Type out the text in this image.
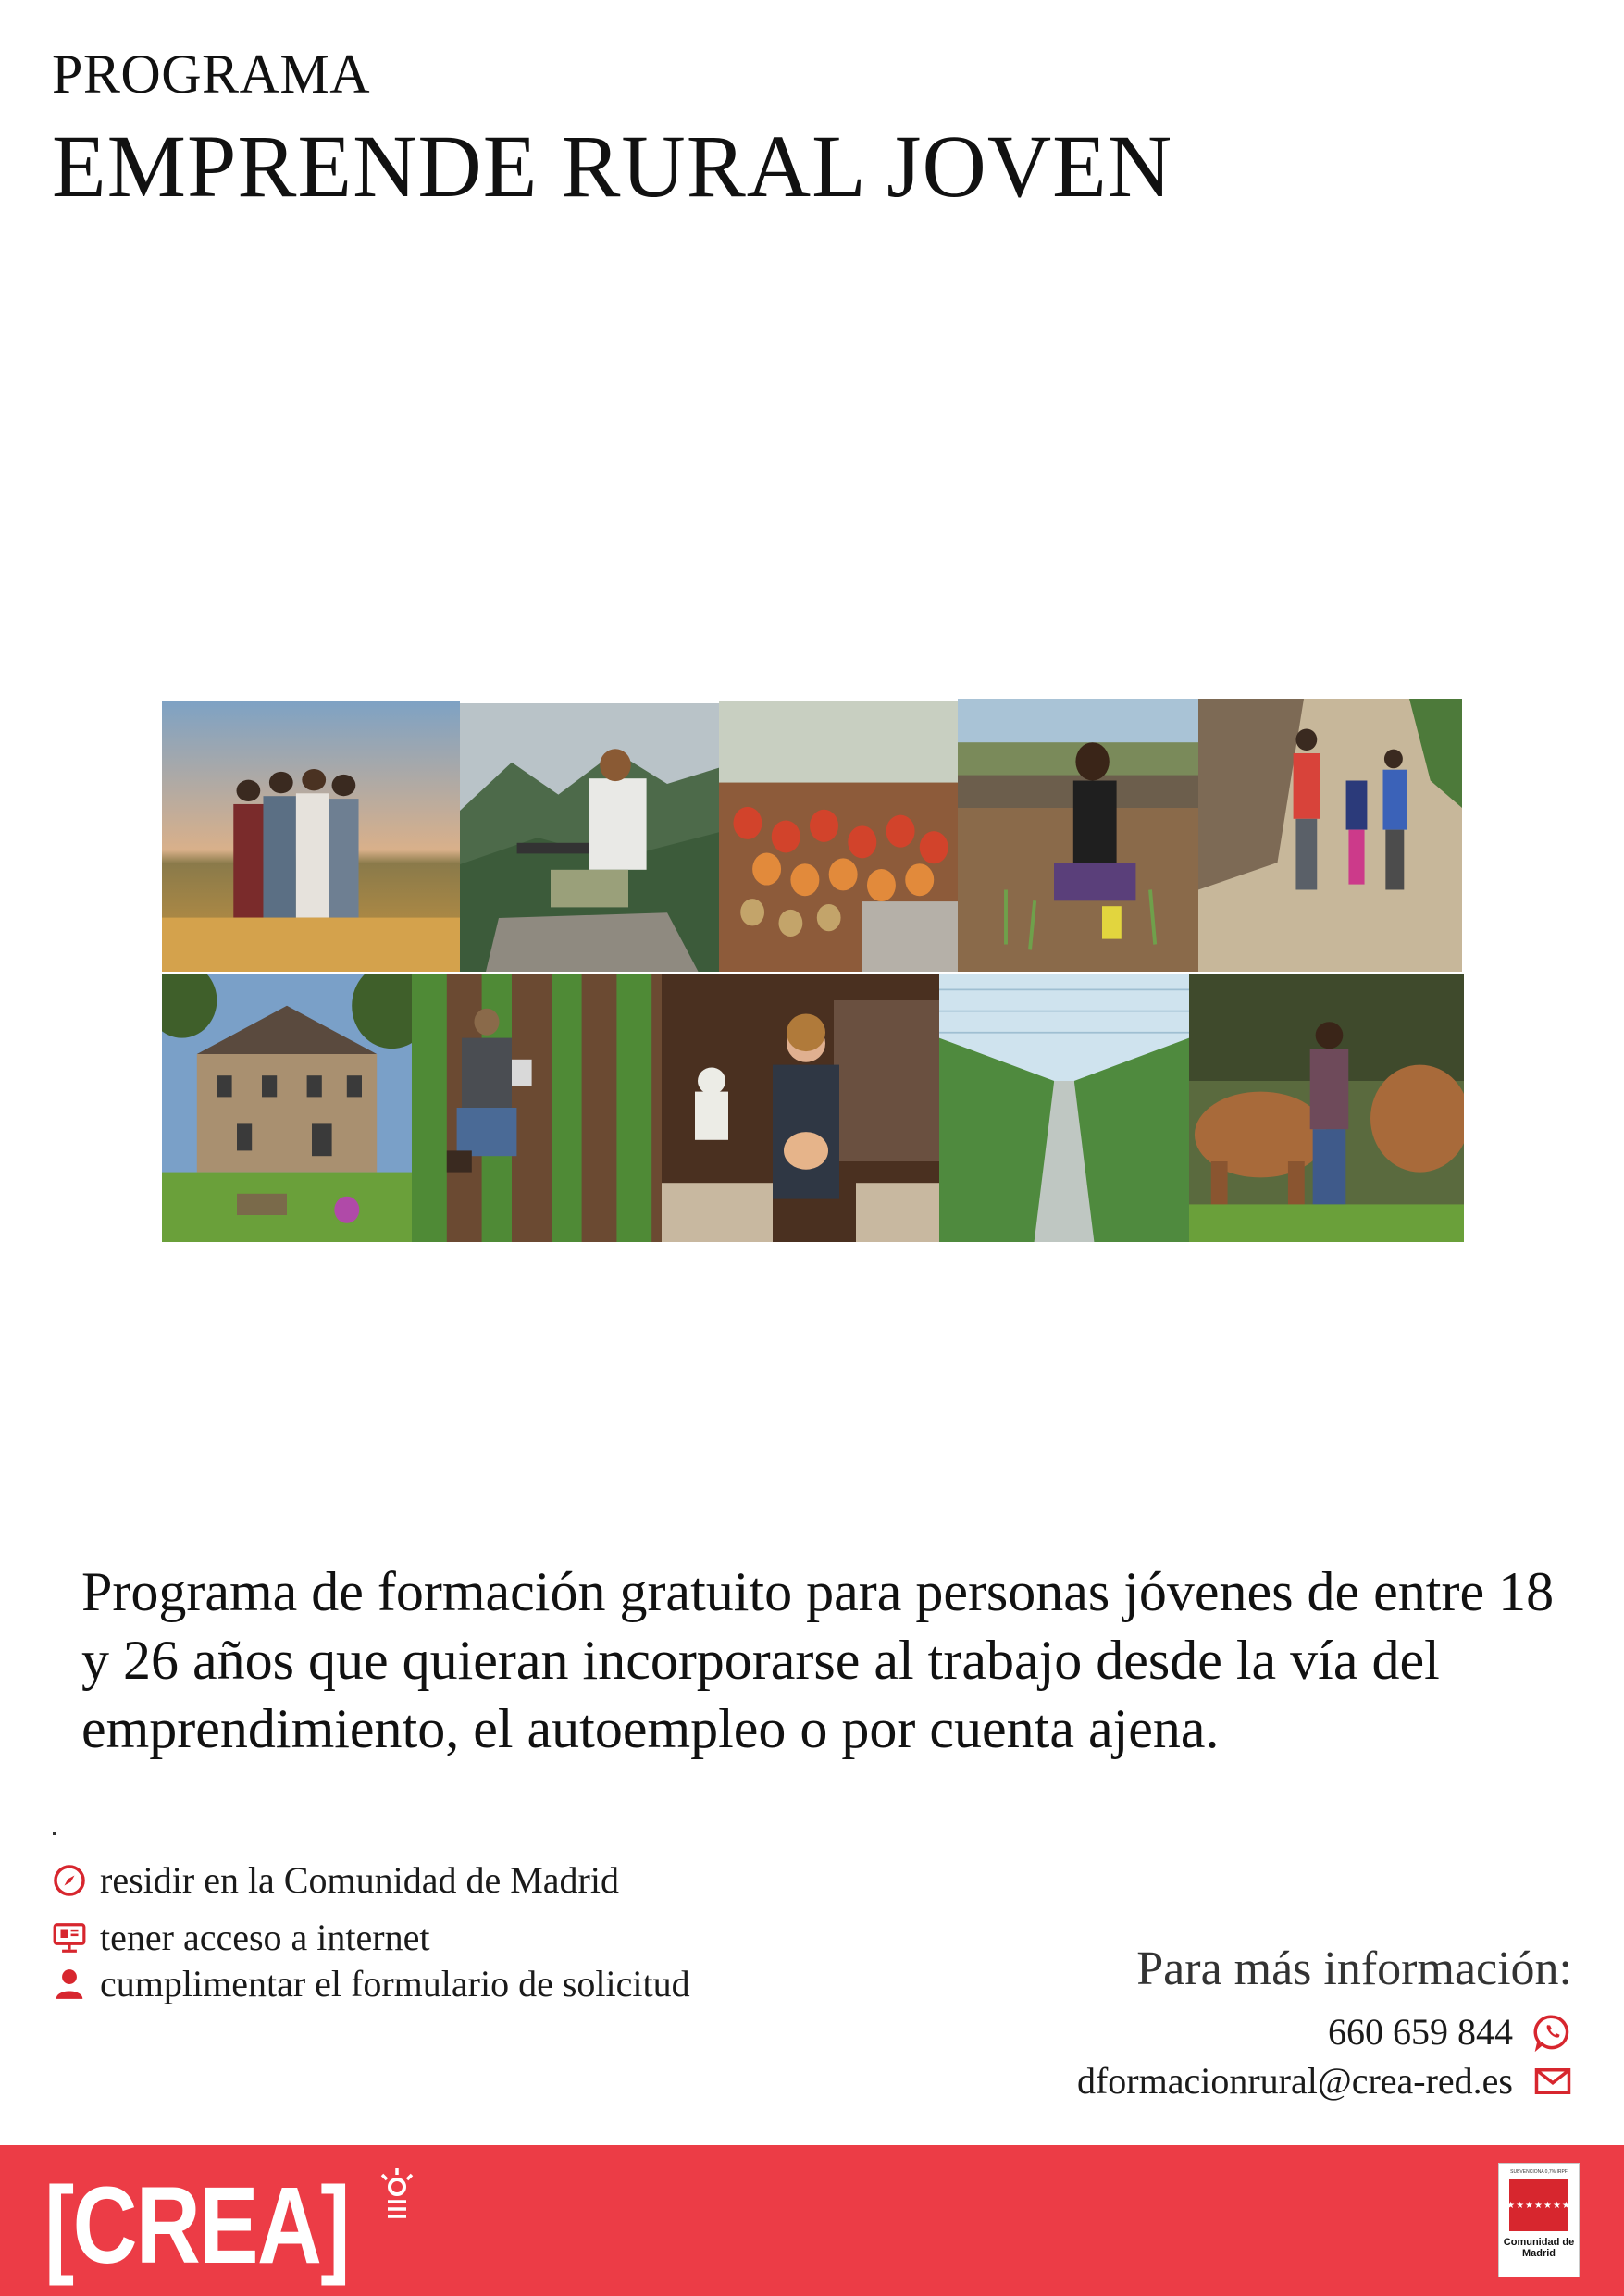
PROGRAMA
EMPRENDE RURAL JOVEN
Programa de formación gratuito para personas jóvenes de entre 18 y 26 años que quieran incorporarse al trabajo desde la vía del emprendimiento, el autoempleo o por cuenta ajena.
residir en la Comunidad de Madrid
tener acceso a internet
cumplimentar el formulario de solicitud	Para más información:
660 659 844
dformacionrural@crea-red.es
[CREA]	SUBVENCIONA 0,7% IRPF
★★★★★★★
Comunidad de Madrid
